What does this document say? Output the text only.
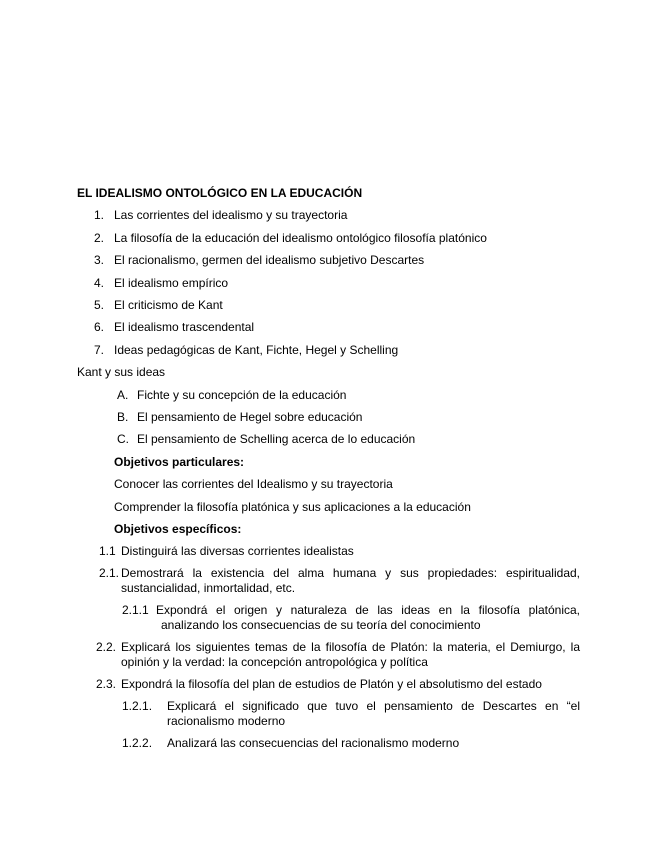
EL IDEALISMO ONTOLÓGICO EN LA EDUCACIÓN
1. Las corrientes del idealismo y su trayectoria
2. La filosofía de la educación del idealismo ontológico filosofía platónico
3. El racionalismo, germen del idealismo subjetivo Descartes
4. El idealismo empírico
5. El criticismo de Kant
6. El idealismo trascendental
7. Ideas pedagógicas de Kant, Fichte, Hegel y Schelling
Kant y sus ideas
A. Fichte y su concepción de la educación
B. El pensamiento de Hegel sobre educación
C. El pensamiento de Schelling acerca de lo educación
Objetivos particulares:
Conocer las corrientes del Idealismo y su trayectoria
Comprender la filosofía platónica y sus aplicaciones a la educación
Objetivos específicos:
1.1 Distinguirá las diversas corrientes idealistas
2.1. Demostrará la existencia del alma humana y sus propiedades: espiritualidad, sustancialidad, inmortalidad, etc.
2.1.1 Expondrá el origen y naturaleza de las ideas en la filosofía platónica, analizando los consecuencias de su teoría del conocimiento
2.2. Explicará los siguientes temas de la filosofía de Platón: la materia, el Demiurgo, la opinión y la verdad: la concepción antropológica y política
2.3. Expondrá la filosofía del plan de estudios de Platón y el absolutismo del estado
1.2.1. Explicará el significado que tuvo el pensamiento de Descartes en “el racionalismo moderno
1.2.2. Analizará las consecuencias del racionalismo moderno
